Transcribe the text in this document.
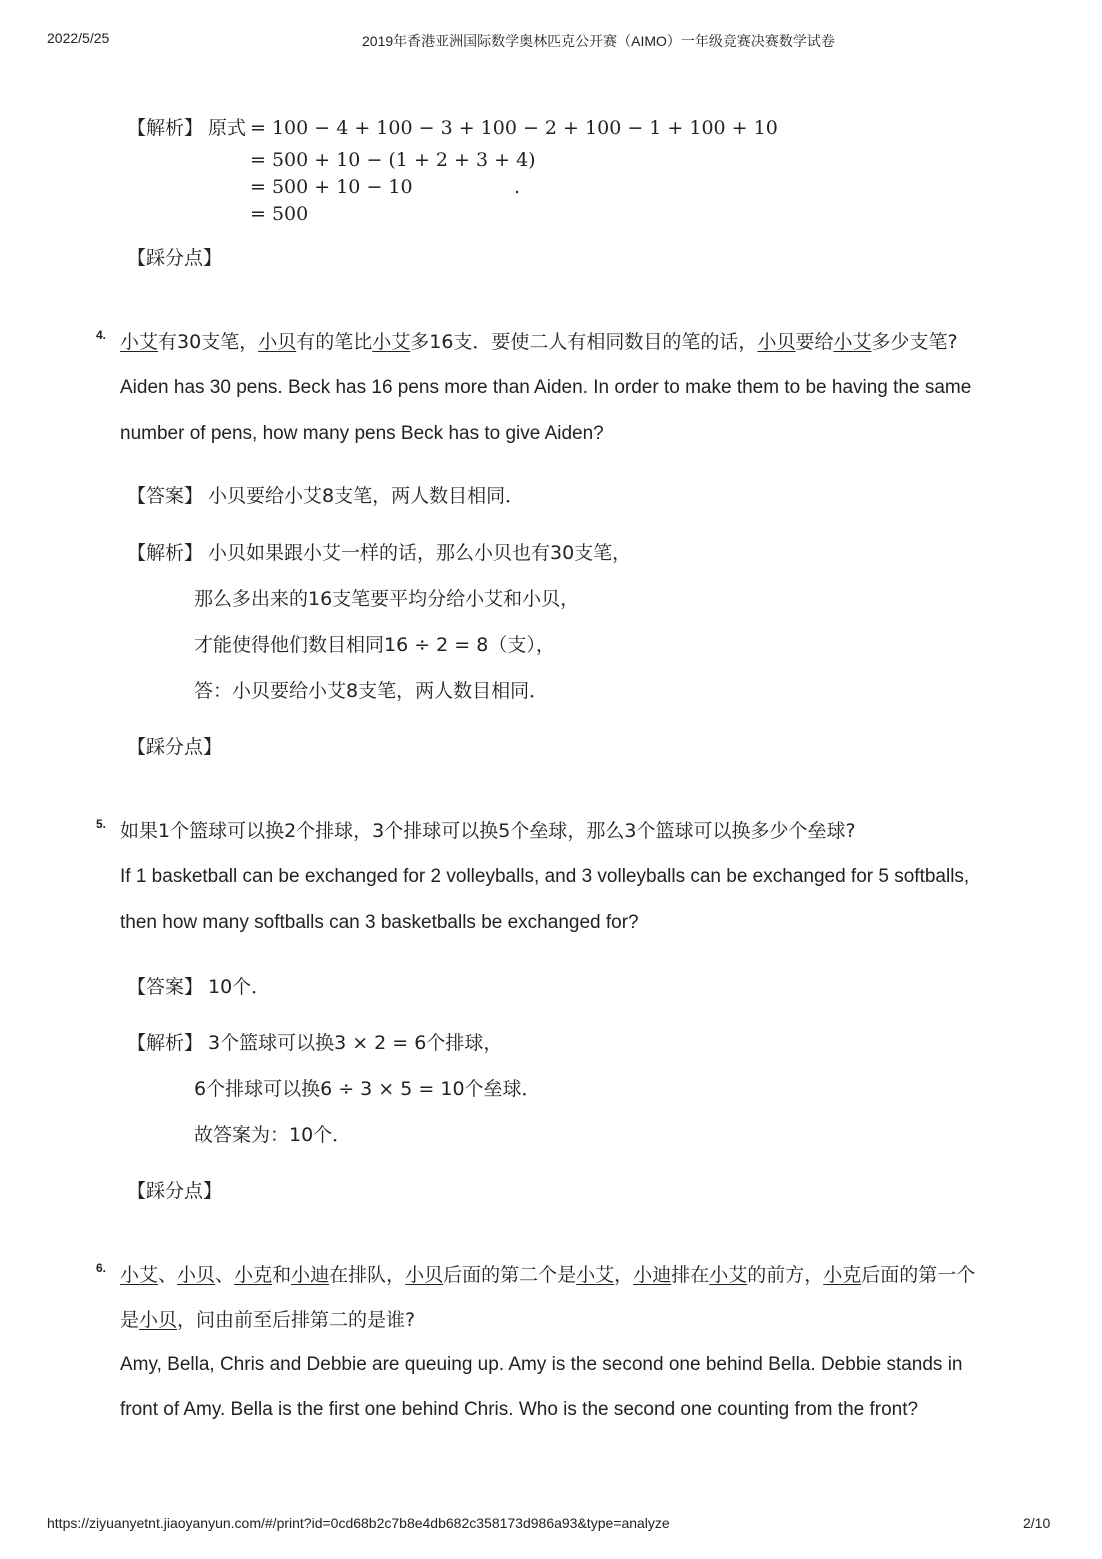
2022/5/25	2019年香港亚洲国际数学奥林匹克公开赛（AIMO）一年级竞赛决赛数学试卷
【解析】 原式 = 100 − 4 + 100 − 3 + 100 − 2 + 100 − 1 + 100 + 10
= 500 + 10 − (1 + 2 + 3 + 4)
= 500 + 10 − 10	.
= 500
【踩分点】
4. 小艾有30支笔，小贝有的笔比小艾多16支．要使二人有相同数目的笔的话，小贝要给小艾多少支笔?
Aiden has 30 pens. Beck has 16 pens more than Aiden. In order to make them to be having the same
number of pens, how many pens Beck has to give Aiden?
【答案】 小贝要给小艾8支笔，两人数目相同．
【解析】 小贝如果跟小艾一样的话，那么小贝也有30支笔，
那么多出来的16支笔要平均分给小艾和小贝，
才能使得他们数目相同16 ÷ 2 = 8（支），
答：小贝要给小艾8支笔，两人数目相同．
【踩分点】
5. 如果1个篮球可以换2个排球，3个排球可以换5个垒球，那么3个篮球可以换多少个垒球?
If 1 basketball can be exchanged for 2 volleyballs, and 3 volleyballs can be exchanged for 5 softballs,
then how many softballs can 3 basketballs be exchanged for?
【答案】 10个．
【解析】 3个篮球可以换3 × 2 = 6个排球，
6个排球可以换6 ÷ 3 × 5 = 10个垒球．
故答案为：10个．
【踩分点】
6. 小艾、小贝、小克和小迪在排队，小贝后面的第二个是小艾，小迪排在小艾的前方，小克后面的第一个
是小贝，问由前至后排第二的是谁?
Amy, Bella, Chris and Debbie are queuing up. Amy is the second one behind Bella. Debbie stands in
front of Amy. Bella is the first one behind Chris. Who is the second one counting from the front?
https://ziyuanyetnt.jiaoyanyun.com/#/print?id=0cd68b2c7b8e4db682c358173d986a93&type=analyze	2/10
